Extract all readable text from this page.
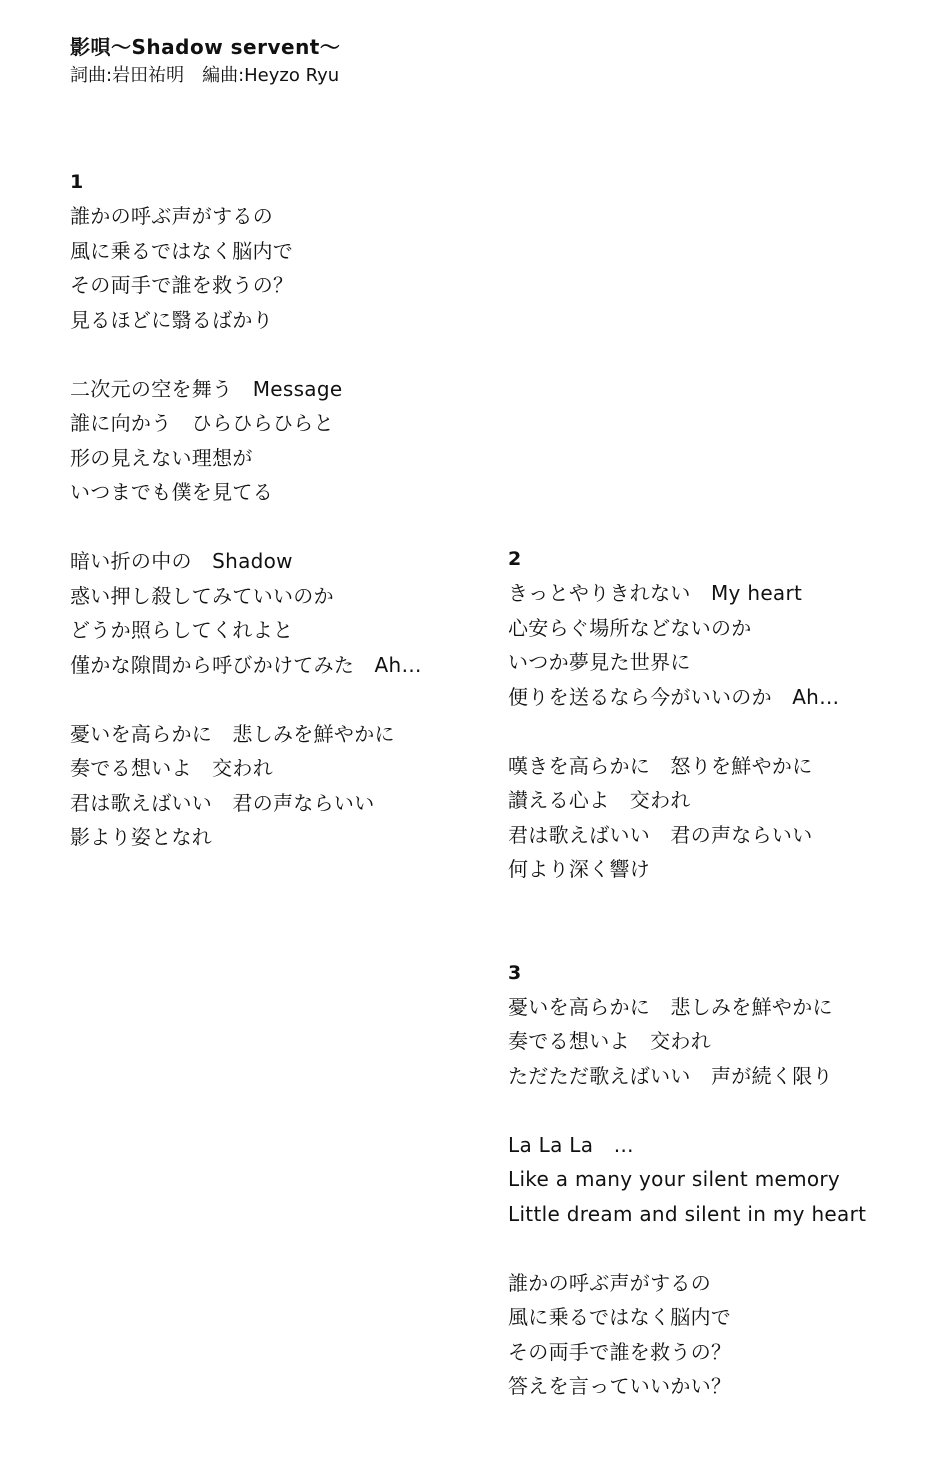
影唄〜Shadow servent〜
詞曲:岩田祐明　編曲:Heyzo Ryu
1
誰かの呼ぶ声がするの
風に乗るではなく脳内で
その両手で誰を救うの？
見るほどに翳るばかり
二次元の空を舞う　Message
誰に向かう　ひらひらひらと
形の見えない理想が
いつまでも僕を見てる
暗い折の中の　Shadow
惑い押し殺してみていいのか
どうか照らしてくれよと
僅かな隙間から呼びかけてみた　Ah…
憂いを高らかに　悲しみを鮮やかに
奏でる想いよ　交われ
君は歌えばいい　君の声ならいい
影より姿となれ
2
きっとやりきれない　My heart
心安らぐ場所などないのか
いつか夢見た世界に
便りを送るなら今がいいのか　Ah…
嘆きを高らかに　怒りを鮮やかに
讃える心よ　交われ
君は歌えばいい　君の声ならいい
何より深く響け
3
憂いを高らかに　悲しみを鮮やかに
奏でる想いよ　交われ
ただただ歌えばいい　声が続く限り
La La La　…
Like a many your silent memory
Little dream and silent in my heart
誰かの呼ぶ声がするの
風に乗るではなく脳内で
その両手で誰を救うの？
答えを言っていいかい？
